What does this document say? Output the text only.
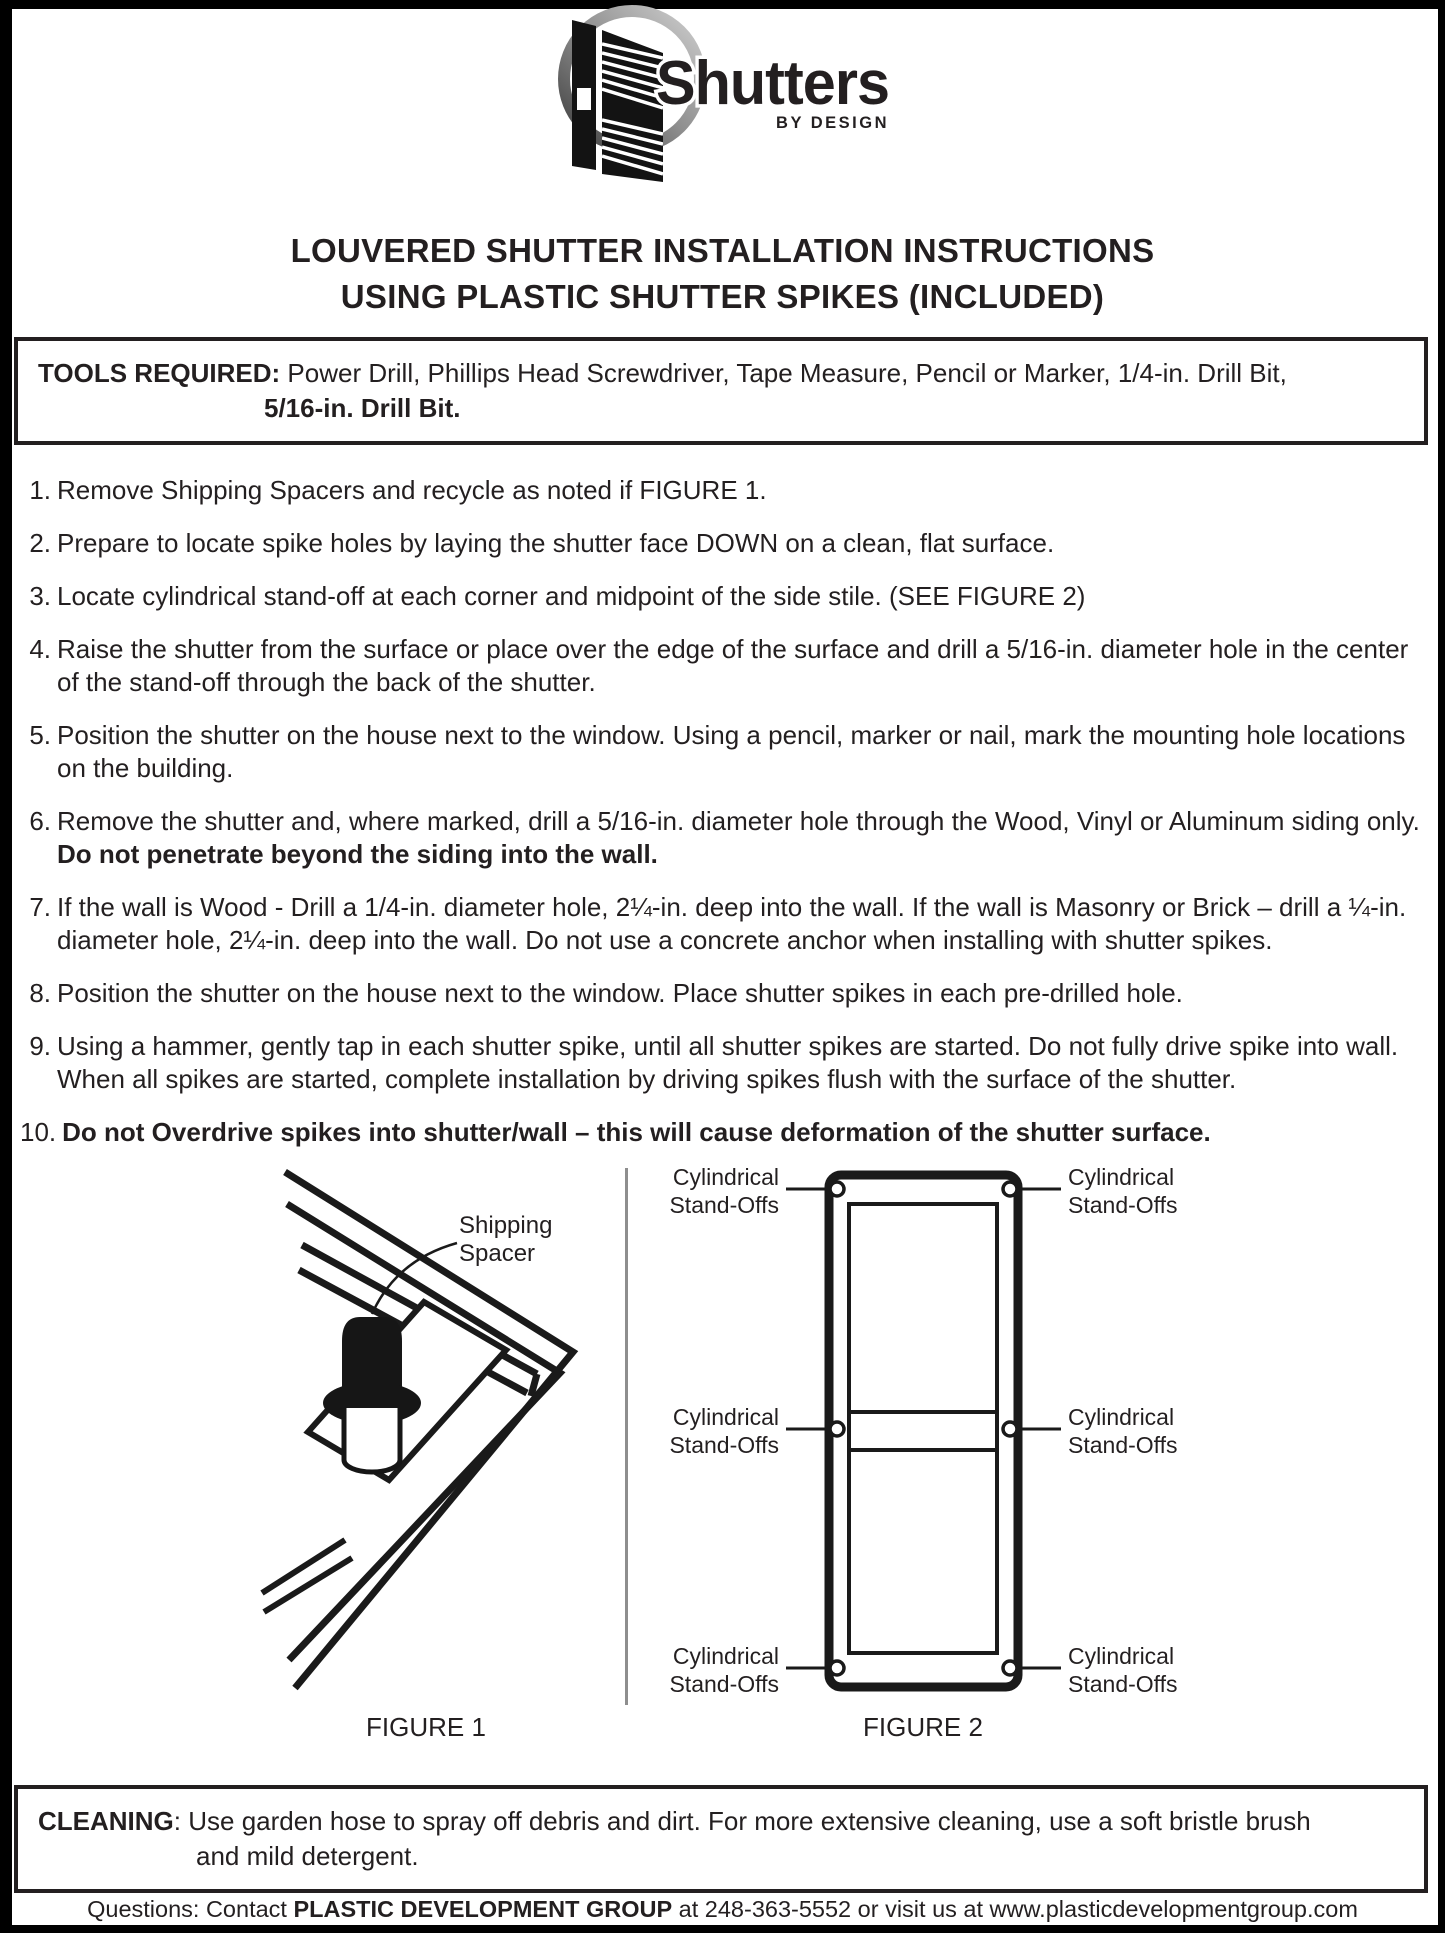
Shutters
BY DESIGN
LOUVERED SHUTTER INSTALLATION INSTRUCTIONS
USING PLASTIC SHUTTER SPIKES (INCLUDED)
TOOLS REQUIRED: Power Drill, Phillips Head Screwdriver, Tape Measure, Pencil or Marker, 1/4-in. Drill Bit,
5/16-in. Drill Bit.
1. Remove Shipping Spacers and recycle as noted if FIGURE 1.
2. Prepare to locate spike holes by laying the shutter face DOWN on a clean, flat surface.
3. Locate cylindrical stand-off at each corner and midpoint of the side stile. (SEE FIGURE 2)
4. Raise the shutter from the surface or place over the edge of the surface and drill a 5/16-in. diameter hole in the center of the stand-off through the back of the shutter.
5. Position the shutter on the house next to the window. Using a pencil, marker or nail, mark the mounting hole locations on the building.
6. Remove the shutter and, where marked, drill a 5/16-in. diameter hole through the Wood, Vinyl or Aluminum siding only. Do not penetrate beyond the siding into the wall.
7. If the wall is Wood - Drill a 1/4-in. diameter hole, 2¼-in. deep into the wall. If the wall is Masonry or Brick – drill a ¼-in. diameter hole, 2¼-in. deep into the wall. Do not use a concrete anchor when installing with shutter spikes.
8. Position the shutter on the house next to the window. Place shutter spikes in each pre-drilled hole.
9. Using a hammer, gently tap in each shutter spike, until all shutter spikes are started. Do not fully drive spike into wall. When all spikes are started, complete installation by driving spikes flush with the surface of the shutter.
10. Do not Overdrive spikes into shutter/wall – this will cause deformation of the shutter surface.
Shipping
Spacer
Cylindrical
Stand-Offs
Cylindrical
Stand-Offs
Cylindrical
Stand-Offs
Cylindrical
Stand-Offs
Cylindrical
Stand-Offs
Cylindrical
Stand-Offs
FIGURE 1	FIGURE 2
CLEANING: Use garden hose to spray off debris and dirt. For more extensive cleaning, use a soft bristle brush
and mild detergent.
Questions: Contact PLASTIC DEVELOPMENT GROUP at 248-363-5552 or visit us at www.plasticdevelopmentgroup.com
